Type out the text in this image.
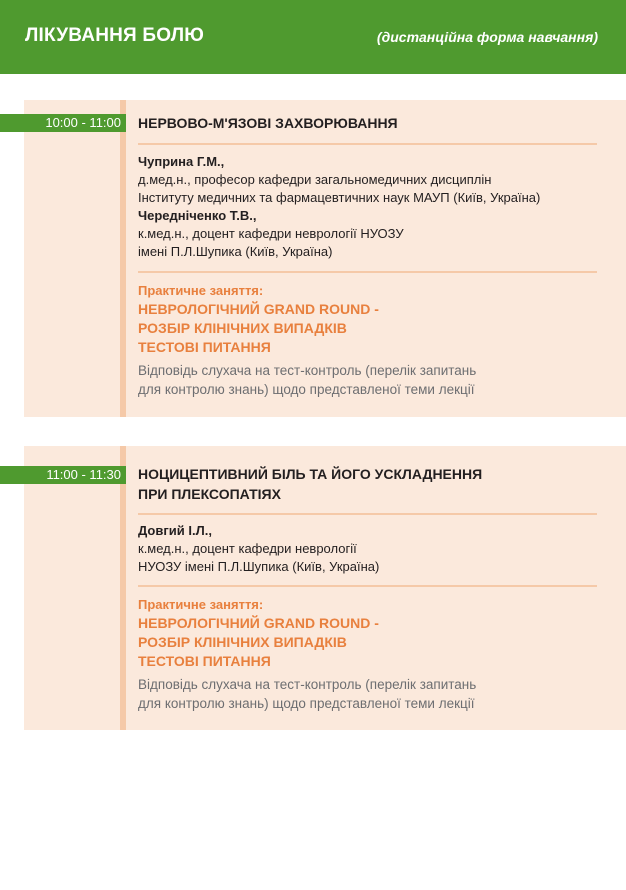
ЛІКУВАННЯ БОЛЮ	(дистанційна форма навчання)
10:00 - 11:00	НЕРВОВО-М'ЯЗОВІ ЗАХВОРЮВАННЯ
Чуприна Г.М.,
д.мед.н., професор кафедри загальномедичних дисциплін
Інституту медичних та фармацевтичних наук МАУП (Київ, Україна)
Чередніченко Т.В.,
к.мед.н., доцент кафедри неврології НУОЗУ
імені П.Л.Шупика (Київ, Україна)
Практичне заняття:
НЕВРОЛОГІЧНИЙ GRAND ROUND -
РОЗБІР КЛІНІЧНИХ ВИПАДКІВ
ТЕСТОВІ ПИТАННЯ
Відповідь слухача на тест-контроль (перелік запитань
для контролю знань) щодо представленої теми лекції
11:00 - 11:30	НОЦИЦЕПТИВНИЙ БІЛЬ ТА ЙОГО УСКЛАДНЕННЯ
ПРИ ПЛЕКСОПАТІЯХ
Довгий І.Л.,
к.мед.н., доцент кафедри неврології
НУОЗУ імені П.Л.Шупика (Київ, Україна)
Практичне заняття:
НЕВРОЛОГІЧНИЙ GRAND ROUND -
РОЗБІР КЛІНІЧНИХ ВИПАДКІВ
ТЕСТОВІ ПИТАННЯ
Відповідь слухача на тест-контроль (перелік запитань
для контролю знань) щодо представленої теми лекції
